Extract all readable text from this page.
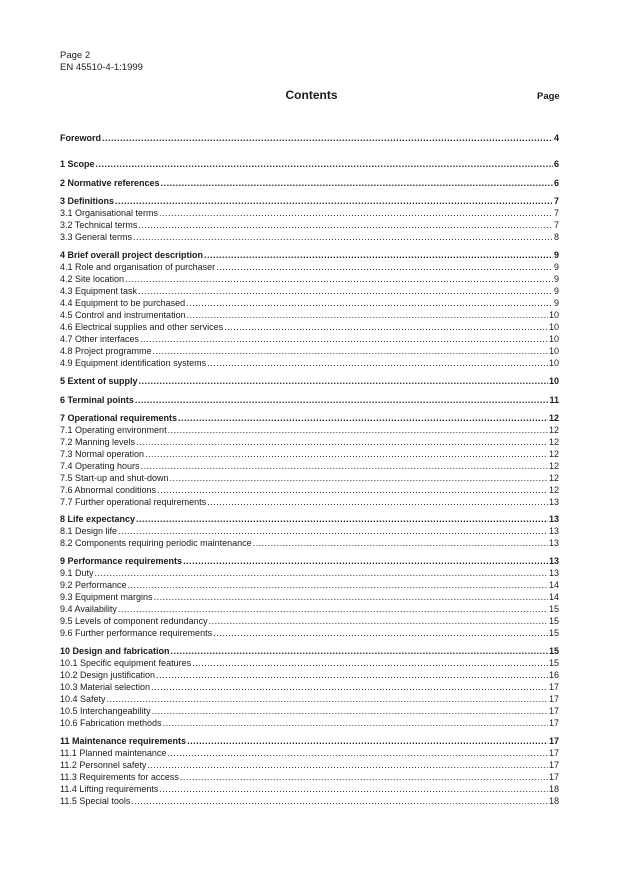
Page 2
EN 45510-4-1:1999
Contents	Page
Foreword .....	4
1 Scope .....	6
2 Normative references .....	6
3 Definitions .....	7
3.1 Organisational terms .....	7
3.2 Technical terms .....	7
3.3 General terms .....	8
4 Brief overall project description .....	9
4.1 Role and organisation of purchaser .....	9
4.2 Site location .....	9
4.3 Equipment task .....	9
4.4 Equipment to be purchased .....	9
4.5 Control and instrumentation .....	10
4.6 Electrical supplies and other services .....	10
4.7 Other interfaces .....	10
4.8 Project programme .....	10
4.9 Equipment identification systems .....	10
5 Extent of supply .....	10
6 Terminal points .....	11
7 Operational requirements .....	12
7.1 Operating environment .....	12
7.2 Manning levels .....	12
7.3 Normal operation .....	12
7.4 Operating hours .....	12
7.5 Start-up and shut-down .....	12
7.6 Abnormal conditions .....	12
7.7 Further operational requirements .....	13
8 Life expectancy .....	13
8.1 Design life .....	13
8.2 Components requiring periodic maintenance .....	13
9 Performance requirements .....	13
9.1 Duty .....	13
9.2 Performance .....	14
9.3 Equipment margins .....	14
9.4 Availability .....	15
9.5 Levels of component redundancy .....	15
9.6 Further performance requirements .....	15
10 Design and fabrication .....	15
10.1 Specific equipment features .....	15
10.2 Design justification .....	16
10.3 Material selection .....	17
10.4 Safety .....	17
10.5 Interchangeability .....	17
10.6 Fabrication methods .....	17
11 Maintenance requirements .....	17
11.1 Planned maintenance .....	17
11.2 Personnel safety .....	17
11.3 Requirements for access .....	17
11.4 Lifting requirements .....	18
11.5 Special tools .....	18
